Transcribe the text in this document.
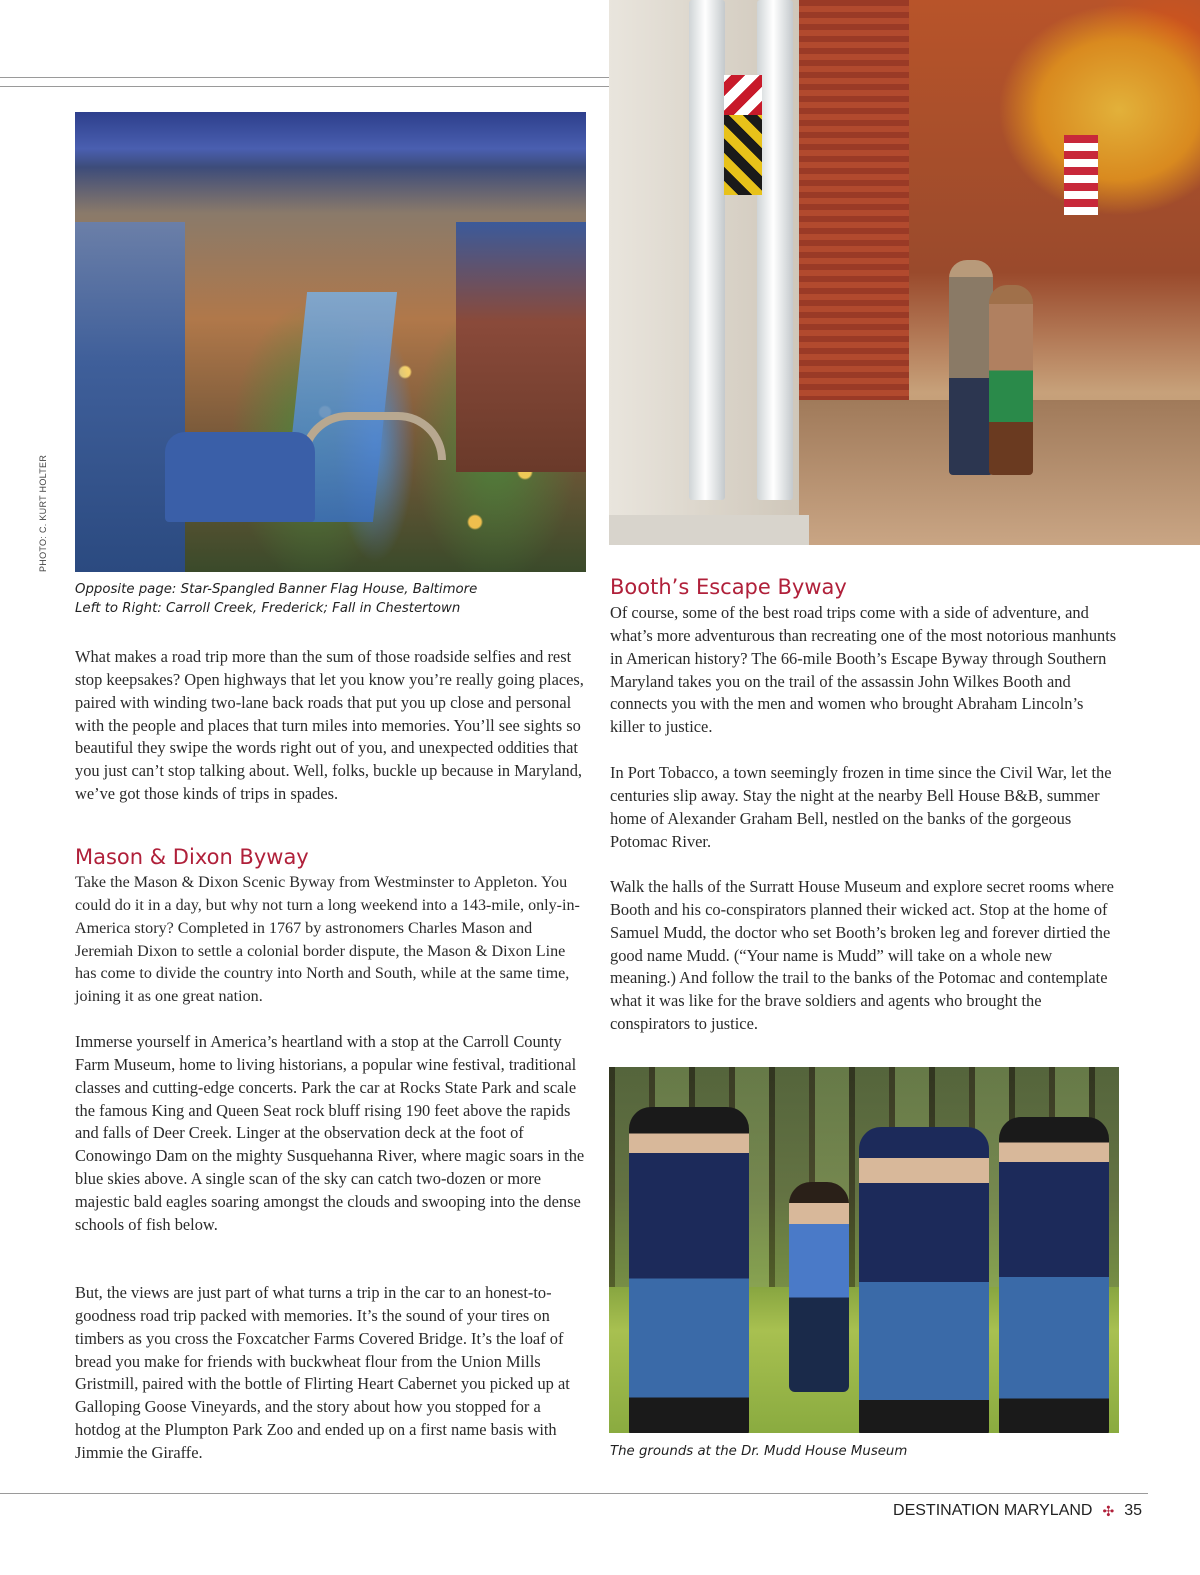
PHOTO: C. KURT HOLTER
Opposite page: Star-Spangled Banner Flag House, Baltimore
Left to Right: Carroll Creek, Frederick; Fall in Chestertown

What makes a road trip more than the sum of those roadside selfies and rest stop keepsakes? Open highways that let you know you’re really going places, paired with winding two-lane back roads that put you up close and personal with the people and places that turn miles into memories. You’ll see sights so beautiful they swipe the words right out of you, and unexpected oddities that you just can’t stop talking about. Well, folks, buckle up because in Maryland, we’ve got those kinds of trips in spades.

Mason & Dixon Byway

Take the Mason & Dixon Scenic Byway from Westminster to Appleton. You could do it in a day, but why not turn a long weekend into a 143-mile, only-in-America story? Completed in 1767 by astronomers Charles Mason and Jeremiah Dixon to settle a colonial border dispute, the Mason & Dixon Line has come to divide the country into North and South, while at the same time, joining it as one great nation.

Immerse yourself in America’s heartland with a stop at the Carroll County Farm Museum, home to living historians, a popular wine festival, traditional classes and cutting-edge concerts. Park the car at Rocks State Park and scale the famous King and Queen Seat rock bluff rising 190 feet above the rapids and falls of Deer Creek. Linger at the observation deck at the foot of Conowingo Dam on the mighty Susquehanna River, where magic soars in the blue skies above. A single scan of the sky can catch two-dozen or more majestic bald eagles soaring amongst the clouds and swooping into the dense schools of fish below.

But, the views are just part of what turns a trip in the car to an honest-to-goodness road trip packed with memories. It’s the sound of your tires on timbers as you cross the Foxcatcher Farms Covered Bridge. It’s the loaf of bread you make for friends with buckwheat flour from the Union Mills Gristmill, paired with the bottle of Flirting Heart Cabernet you picked up at Galloping Goose Vineyards, and the story about how you stopped for a hotdog at the Plumpton Park Zoo and ended up on a first name basis with Jimmie the Giraffe.

Booth’s Escape Byway

Of course, some of the best road trips come with a side of adventure, and what’s more adventurous than recreating one of the most notorious manhunts in American history? The 66-mile Booth’s Escape Byway through Southern Maryland takes you on the trail of the assassin John Wilkes Booth and connects you with the men and women who brought Abraham Lincoln’s killer to justice.

In Port Tobacco, a town seemingly frozen in time since the Civil War, let the centuries slip away. Stay the night at the nearby Bell House B&B, summer home of Alexander Graham Bell, nestled on the banks of the gorgeous Potomac River.

Walk the halls of the Surratt House Museum and explore secret rooms where Booth and his co-conspirators planned their wicked act. Stop at the home of Samuel Mudd, the doctor who set Booth’s broken leg and forever dirtied the good name Mudd. (“Your name is Mudd” will take on a whole new meaning.) And follow the trail to the banks of the Potomac and contemplate what it was like for the brave soldiers and agents who brought the conspirators to justice.

The grounds at the Dr. Mudd House Museum
DESTINATION MARYLAND ✣ 35
